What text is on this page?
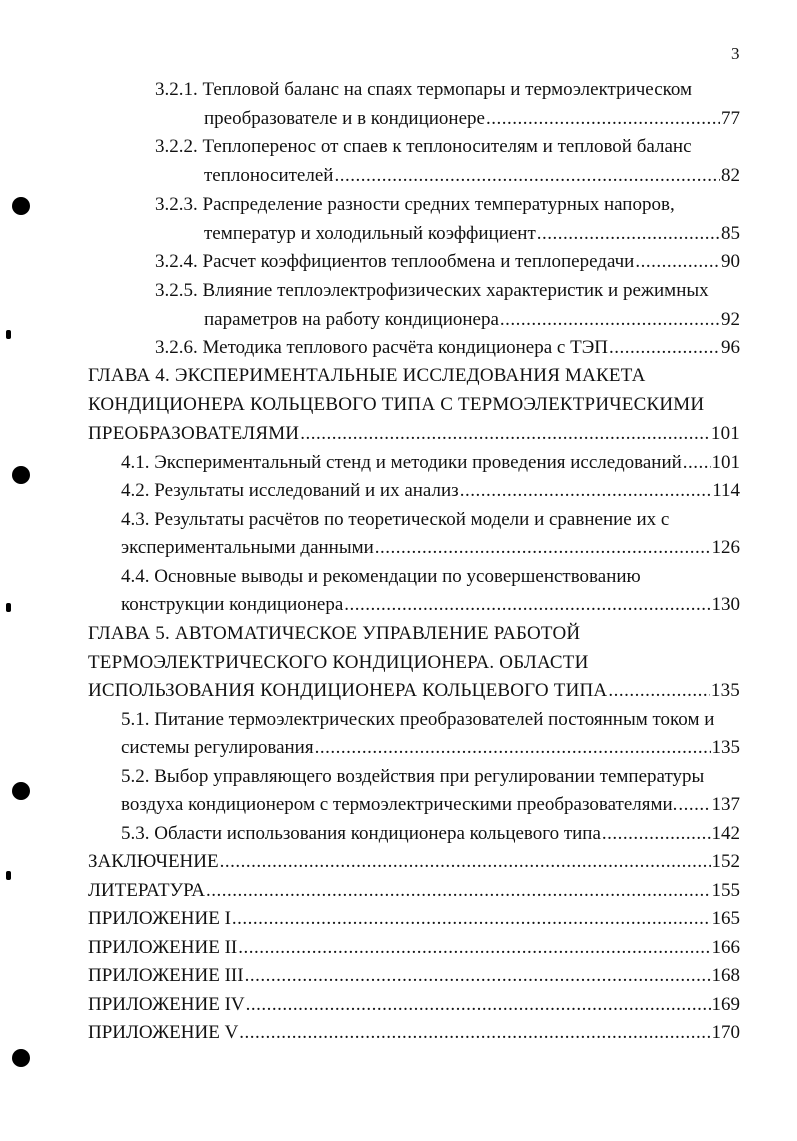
3
3.2.1. Тепловой баланс на спаях термопары и термоэлектрическом
преобразователе и в кондиционере .....	77
3.2.2. Теплоперенос от спаев к теплоносителям и тепловой баланс
теплоносителей .....	82
3.2.3. Распределение разности средних температурных напоров,
температур и холодильный коэффициент .....	85
3.2.4. Расчет коэффициентов теплообмена и теплопередачи .....	90
3.2.5. Влияние теплоэлектрофизических характеристик и режимных
параметров на работу кондиционера .....	92
3.2.6. Методика теплового расчёта кондиционера с ТЭП .....	96
ГЛАВА 4. ЭКСПЕРИМЕНТАЛЬНЫЕ ИССЛЕДОВАНИЯ МАКЕТА
КОНДИЦИОНЕРА КОЛЬЦЕВОГО ТИПА С ТЕРМОЭЛЕКТРИЧЕСКИМИ
ПРЕОБРАЗОВАТЕЛЯМИ .....	101
4.1. Экспериментальный стенд и методики проведения исследований ..... 101
4.2. Результаты исследований и их анализ .....	114
4.3. Результаты расчётов по теоретической модели и сравнение их с
экспериментальными данными .....	126
4.4. Основные выводы и рекомендации по усовершенствованию
конструкции кондиционера .....	130
ГЛАВА 5. АВТОМАТИЧЕСКОЕ УПРАВЛЕНИЕ РАБОТОЙ
ТЕРМОЭЛЕКТРИЧЕСКОГО КОНДИЦИОНЕРА. ОБЛАСТИ
ИСПОЛЬЗОВАНИЯ КОНДИЦИОНЕРА КОЛЬЦЕВОГО ТИПА .....	135
5.1. Питание термоэлектрических преобразователей постоянным током и
системы регулирования .....	135
5.2. Выбор управляющего воздействия при регулировании температуры
воздуха кондиционером с термоэлектрическими преобразователями. ..... 137
5.3. Области использования кондиционера кольцевого типа .....	142
ЗАКЛЮЧЕНИЕ .....	152
ЛИТЕРАТУРА .....	155
ПРИЛОЖЕНИЕ I .....	165
ПРИЛОЖЕНИЕ II .....	166
ПРИЛОЖЕНИЕ III .....	168
ПРИЛОЖЕНИЕ IV .....	169
ПРИЛОЖЕНИЕ V .....	170
